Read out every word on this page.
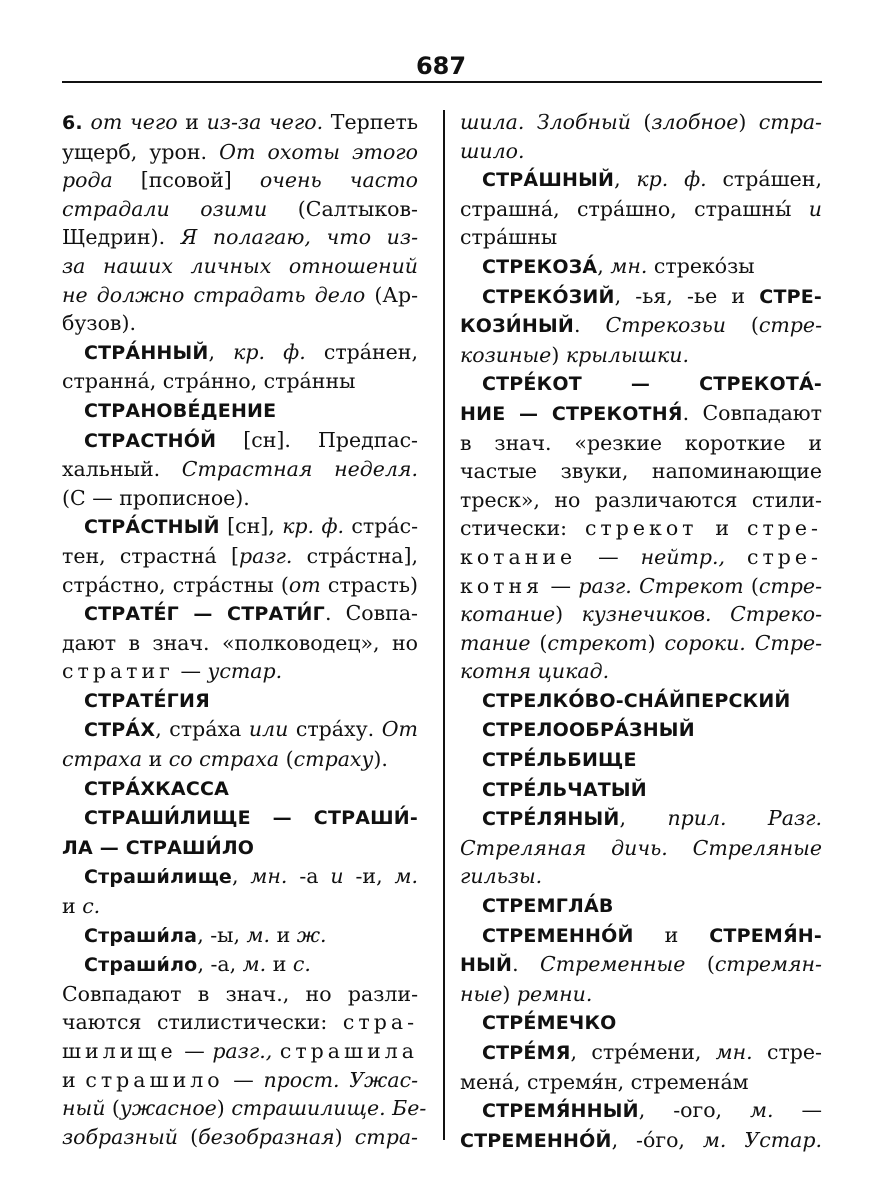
687
6. от чего и из-за чего. Терпеть
ущерб, урон. От охоты этого
рода [псовой] очень часто
страдали озими (Салтыков-
Щедрин). Я полагаю, что из-
за наших личных отношений
не должно страдать дело (Ар-
бузов).
СТРА́ННЫЙ, кр. ф. стра́нен,
странна́, стра́нно, стра́нны
СТРАНОВЕ́ДЕНИЕ
СТРАСТНО́Й [сн]. Предпас-
хальный. Страстная неделя.
(С — прописное).
СТРА́СТНЫЙ [сн], кр. ф. стра́с-
тен, страстна́ [разг. стра́стна],
стра́стно, стра́стны (от страсть)
СТРАТЕ́Г — СТРАТИ́Г. Совпа-
дают в знач. «полководец», но
стратиг — устар.
СТРАТЕ́ГИЯ
СТРА́Х, стра́ха или стра́ху. От
страха и со страха (страху).
СТРА́ХКАССА
СТРАШИ́ЛИЩЕ — СТРАШИ́-
ЛА — СТРАШИ́ЛО
Страши́лище, мн. -а и -и, м.
и с.
Страши́ла, -ы, м. и ж.
Страши́ло, -а, м. и с.
Совпадают в знач., но разли-
чаются стилистически: стра-
шилище — разг., страшила
и страшило — прост. Ужас-
ный (ужасное) страшилище. Бе-
зобразный (безобразная) стра-
шила. Злобный (злобное) стра-
шило.
СТРА́ШНЫЙ, кр. ф. стра́шен,
страшна́, стра́шно, страшны́ и
стра́шны
СТРЕКОЗА́, мн. стреко́зы
СТРЕКО́ЗИЙ, -ья, -ье и СТРЕ-
КОЗИ́НЫЙ. Стрекозьи (стре-
козиные) крылышки.
СТРЕ́КОТ — СТРЕКОТА́-
НИЕ — СТРЕКОТНЯ́. Совпадают
в знач. «резкие короткие и
частые звуки, напоминающие
треск», но различаются стили-
стически: стрекот и стре-
котание — нейтр., стре-
котня — разг. Стрекот (стре-
котание) кузнечиков. Стреко-
тание (стрекот) сороки. Стре-
котня цикад.
СТРЕЛКО́ВО-СНА́ЙПЕРСКИЙ
СТРЕЛООБРА́ЗНЫЙ
СТРЕ́ЛЬБИЩЕ
СТРЕ́ЛЬЧАТЫЙ
СТРЕ́ЛЯНЫЙ, прил. Разг.
Стреляная дичь. Стреляные
гильзы.
СТРЕМГЛА́В
СТРЕМЕННО́Й и СТРЕМЯ́Н-
НЫЙ. Стременные (стремян-
ные) ремни.
СТРЕ́МЕЧКО
СТРЕ́МЯ, стре́мени, мн. стре-
мена́, стремя́н, стремена́м
СТРЕМЯ́ННЫЙ, -ого, м. —
СТРЕМЕННО́Й, -о́го, м. Устар.
